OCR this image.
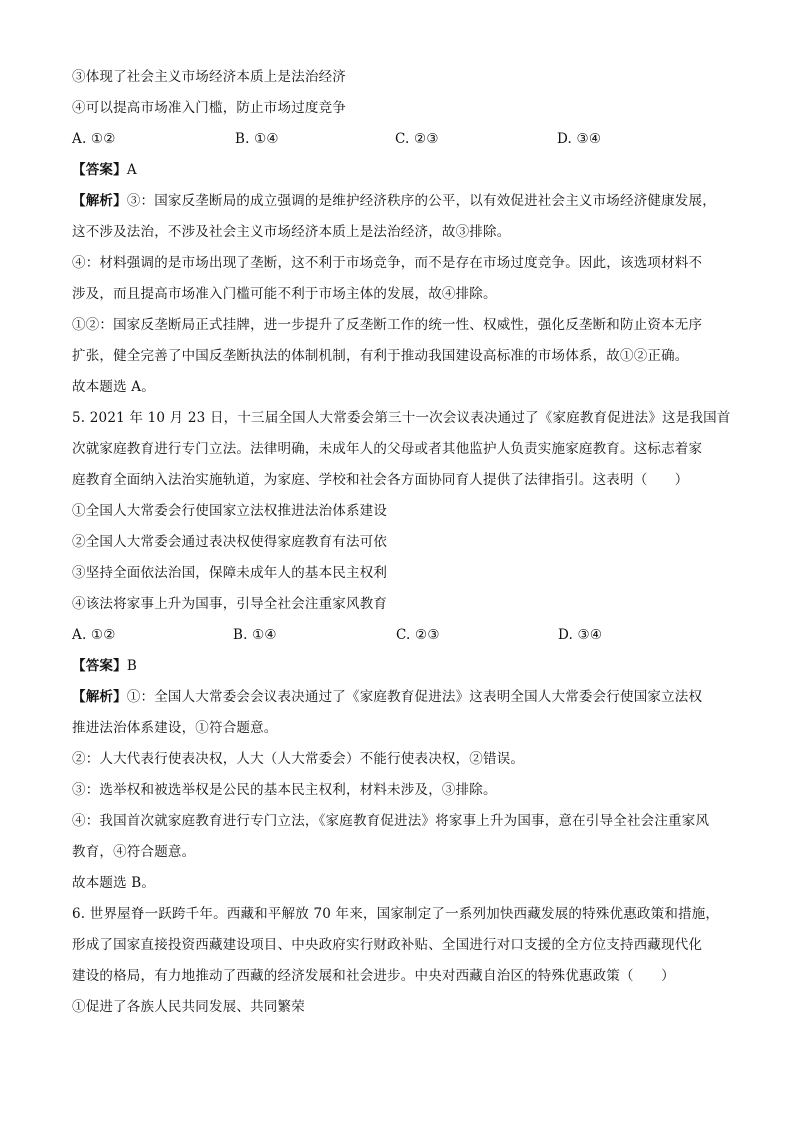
③体现了社会主义市场经济本质上是法治经济
④可以提高市场准入门槛，防止市场过度竞争
A. ①②	B. ①④	C. ②③	D. ③④
【答案】A
【解析】③：国家反垄断局的成立强调的是维护经济秩序的公平，以有效促进社会主义市场经济健康发展，
这不涉及法治，不涉及社会主义市场经济本质上是法治经济，故③排除。
④：材料强调的是市场出现了垄断，这不利于市场竞争，而不是存在市场过度竞争。因此，该选项材料不
涉及，而且提高市场准入门槛可能不利于市场主体的发展，故④排除。
①②：国家反垄断局正式挂牌，进一步提升了反垄断工作的统一性、权威性，强化反垄断和防止资本无序
扩张，健全完善了中国反垄断执法的体制机制，有利于推动我国建设高标准的市场体系，故①②正确。
故本题选 A。
5. 2021 年 10 月 23 日，十三届全国人大常委会第三十一次会议表决通过了《家庭教育促进法》这是我国首
次就家庭教育进行专门立法。法律明确，未成年人的父母或者其他监护人负责实施家庭教育。这标志着家
庭教育全面纳入法治实施轨道，为家庭、学校和社会各方面协同育人提供了法律指引。这表明（　　）
①全国人大常委会行使国家立法权推进法治体系建设
②全国人大常委会通过表决权使得家庭教育有法可依
③坚持全面依法治国，保障未成年人的基本民主权利
④该法将家事上升为国事，引导全社会注重家风教育
A. ①②	B. ①④	C. ②③	D. ③④
【答案】B
【解析】①：全国人大常委会会议表决通过了《家庭教育促进法》这表明全国人大常委会行使国家立法权
推进法治体系建设，①符合题意。
②：人大代表行使表决权，人大（人大常委会）不能行使表决权，②错误。
③：选举权和被选举权是公民的基本民主权利，材料未涉及，③排除。
④：我国首次就家庭教育进行专门立法，《家庭教育促进法》将家事上升为国事，意在引导全社会注重家风
教育，④符合题意。
故本题选 B。
6. 世界屋脊一跃跨千年。西藏和平解放 70 年来，国家制定了一系列加快西藏发展的特殊优惠政策和措施，
形成了国家直接投资西藏建设项目、中央政府实行财政补贴、全国进行对口支援的全方位支持西藏现代化
建设的格局，有力地推动了西藏的经济发展和社会进步。中央对西藏自治区的特殊优惠政策（　　）
①促进了各族人民共同发展、共同繁荣
